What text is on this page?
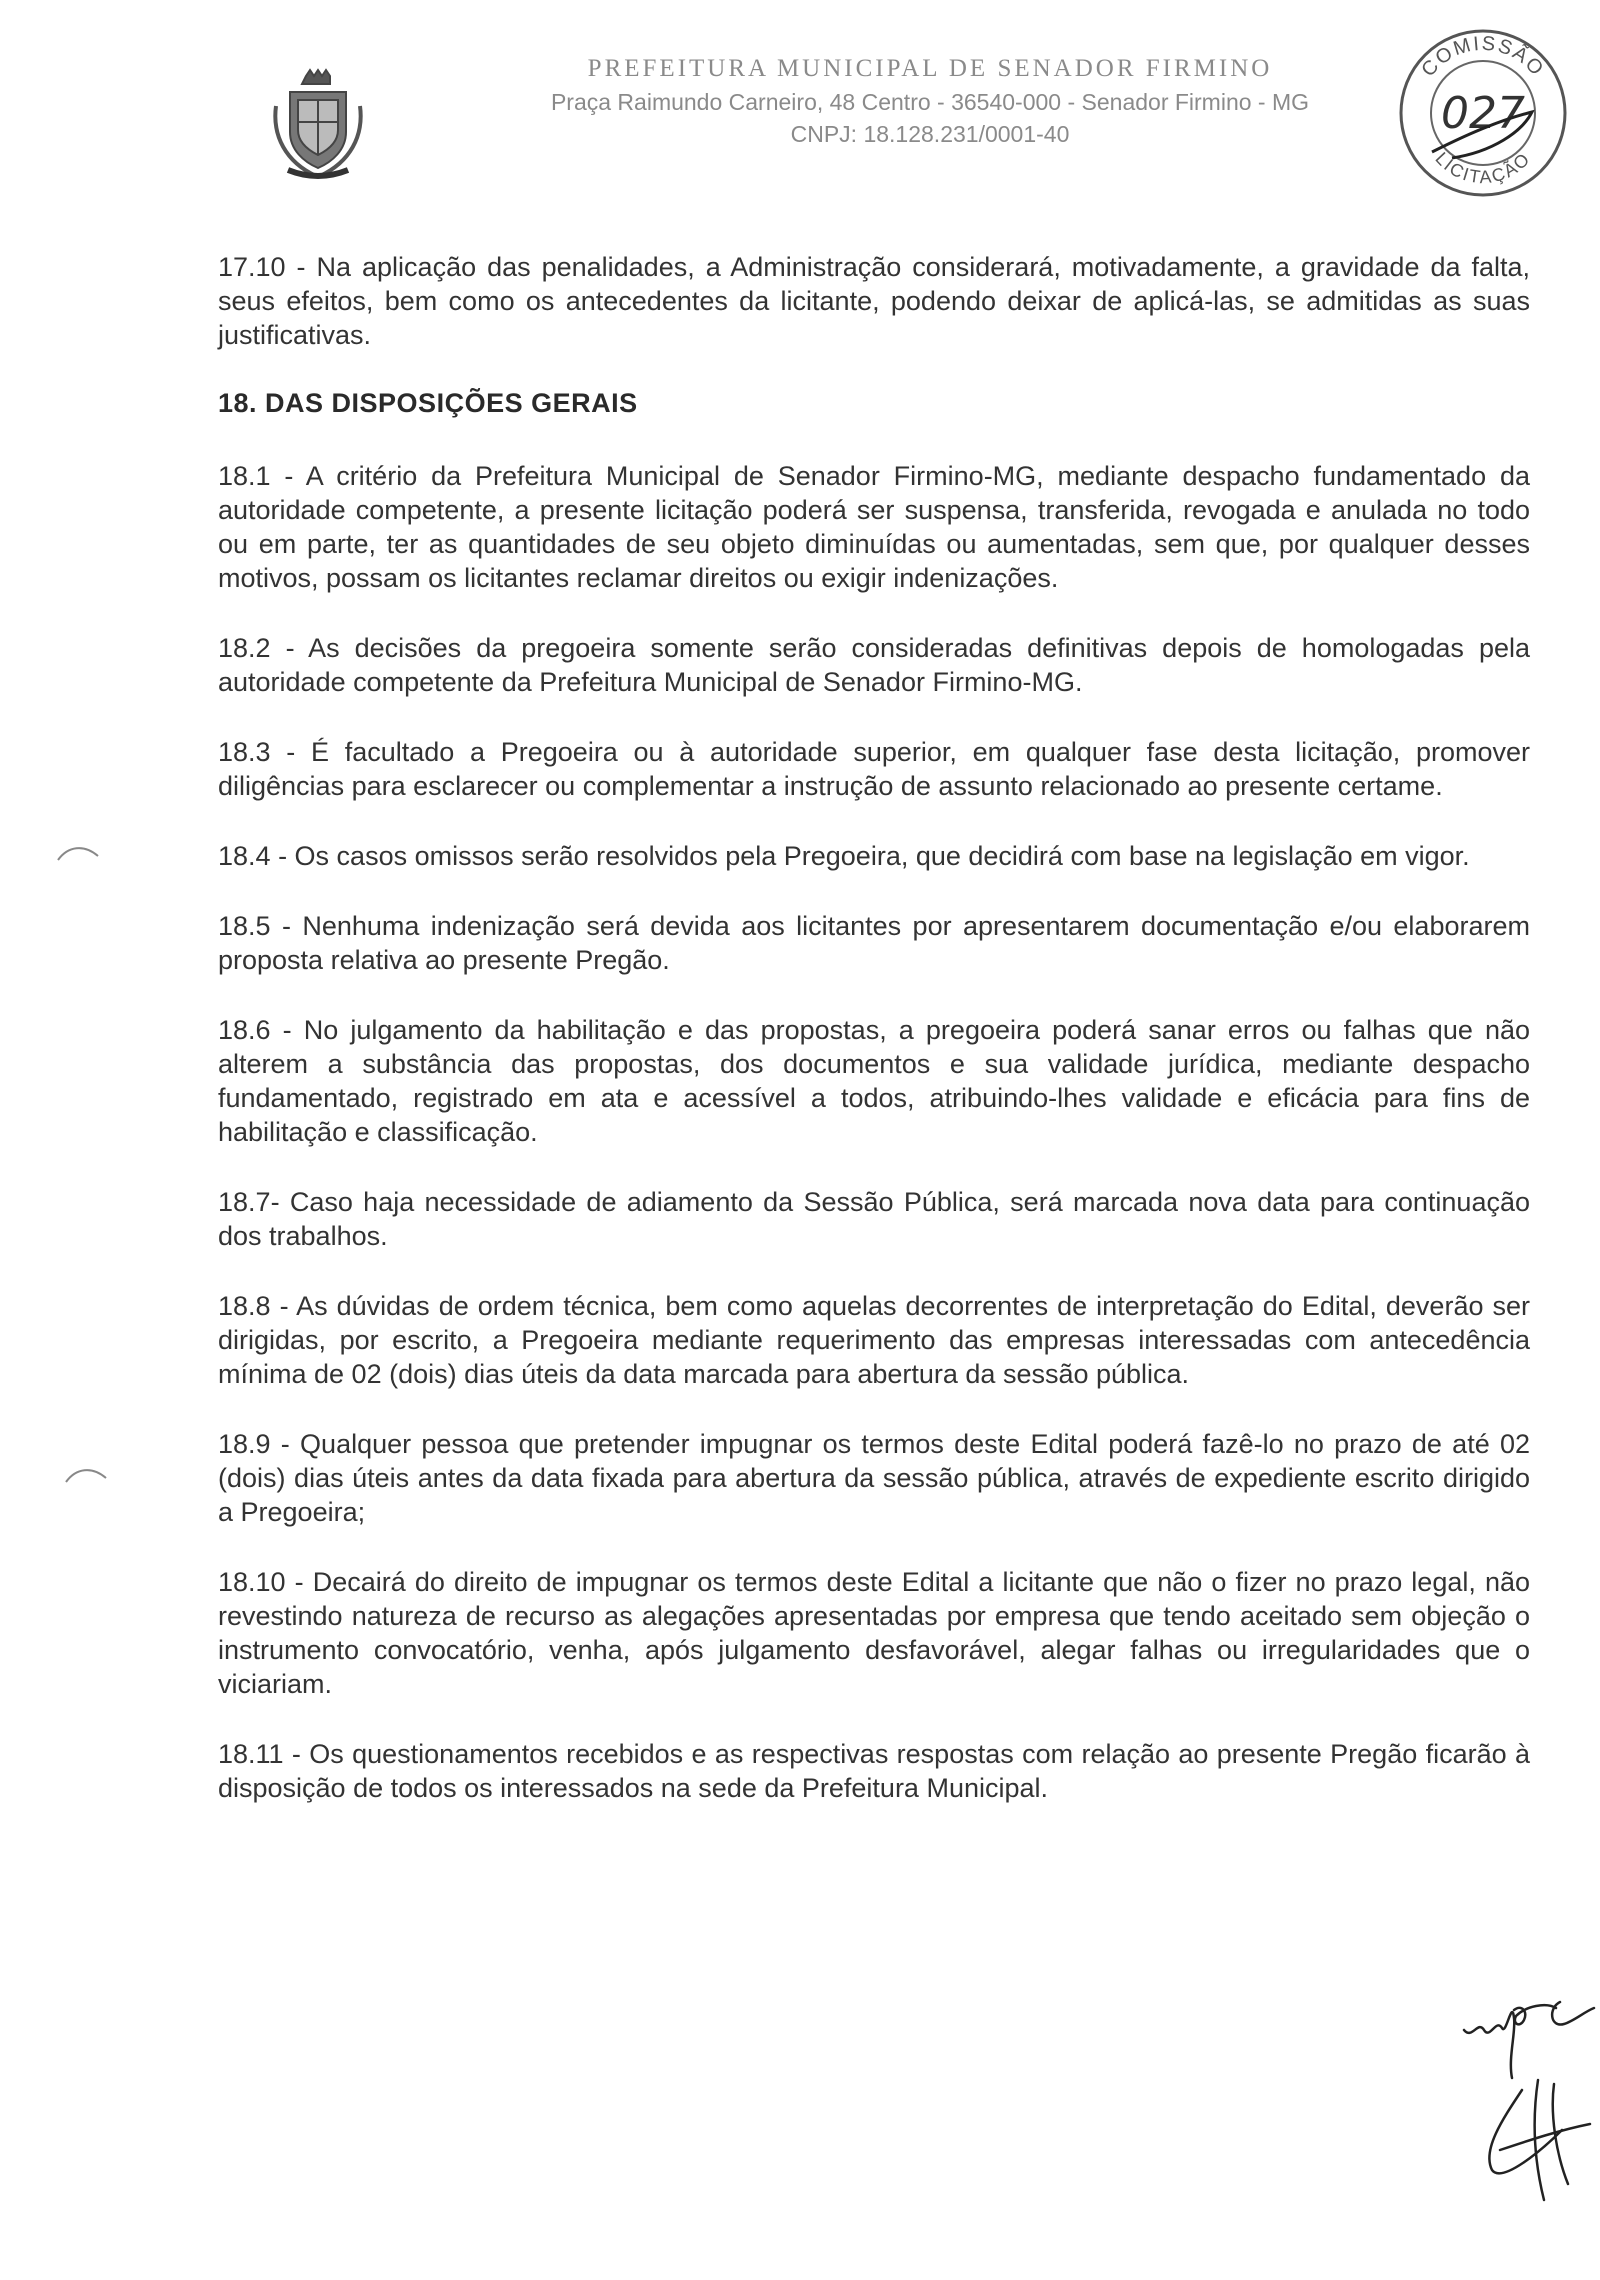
PREFEITURA MUNICIPAL DE SENADOR FIRMINO

Praça Raimundo Carneiro, 48 Centro - 36540-000 - Senador Firmino - MG

CNPJ: 18.128.231/0001-40

COMISSÃO
LICITAÇÃO
027

17.10 - Na aplicação das penalidades, a Administração considerará, motivadamente, a gravidade da falta, seus efeitos, bem como os antecedentes da licitante, podendo deixar de aplicá-las, se admitidas as suas justificativas.

18. DAS DISPOSIÇÕES GERAIS

18.1 - A critério da Prefeitura Municipal de Senador Firmino-MG, mediante despacho fundamentado da autoridade competente, a presente licitação poderá ser suspensa, transferida, revogada e anulada no todo ou em parte, ter as quantidades de seu objeto diminuídas ou aumentadas, sem que, por qualquer desses motivos, possam os licitantes reclamar direitos ou exigir indenizações.

18.2 - As decisões da pregoeira somente serão consideradas definitivas depois de homologadas pela autoridade competente da Prefeitura Municipal de Senador Firmino-MG.

18.3 - É facultado a Pregoeira ou à autoridade superior, em qualquer fase desta licitação, promover diligências para esclarecer ou complementar a instrução de assunto relacionado ao presente certame.

18.4 - Os casos omissos serão resolvidos pela Pregoeira, que decidirá com base na legislação em vigor.

18.5 - Nenhuma indenização será devida aos licitantes por apresentarem documentação e/ou elaborarem proposta relativa ao presente Pregão.

18.6 - No julgamento da habilitação e das propostas, a pregoeira poderá sanar erros ou falhas que não alterem a substância das propostas, dos documentos e sua validade jurídica, mediante despacho fundamentado, registrado em ata e acessível a todos, atribuindo-lhes validade e eficácia para fins de habilitação e classificação.

18.7- Caso haja necessidade de adiamento da Sessão Pública, será marcada nova data para continuação dos trabalhos.

18.8 - As dúvidas de ordem técnica, bem como aquelas decorrentes de interpretação do Edital, deverão ser dirigidas, por escrito, a Pregoeira mediante requerimento das empresas interessadas com antecedência mínima de 02 (dois) dias úteis da data marcada para abertura da sessão pública.

18.9 - Qualquer pessoa que pretender impugnar os termos deste Edital poderá fazê-lo no prazo de até 02 (dois) dias úteis antes da data fixada para abertura da sessão pública, através de expediente escrito dirigido a Pregoeira;

18.10 - Decairá do direito de impugnar os termos deste Edital a licitante que não o fizer no prazo legal, não revestindo natureza de recurso as alegações apresentadas por empresa que tendo aceitado sem objeção o instrumento convocatório, venha, após julgamento desfavorável, alegar falhas ou irregularidades que o viciariam.

18.11 - Os questionamentos recebidos e as respectivas respostas com relação ao presente Pregão ficarão à disposição de todos os interessados na sede da Prefeitura Municipal.
